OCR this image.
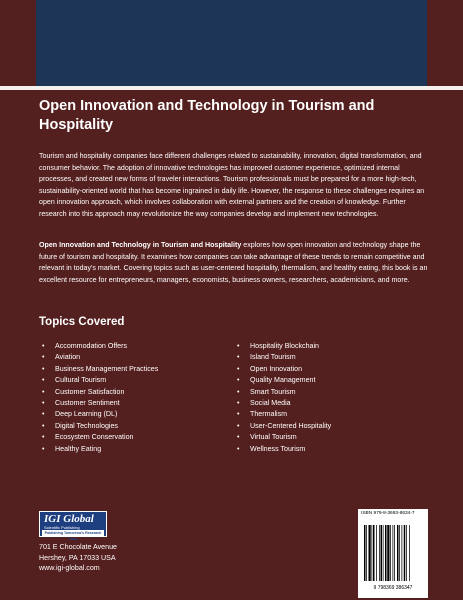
Open Innovation and Technology in Tourism and Hospitality

Tourism and hospitality companies face different challenges related to sustainability, innovation, digital transformation, and consumer behavior. The adoption of innovative technologies has improved customer experience, optimized internal processes, and created new forms of traveler interactions. Tourism professionals must be prepared for a more high-tech, sustainability-oriented world that has become ingrained in daily life. However, the response to these challenges requires an open innovation approach, which involves collaboration with external partners and the creation of knowledge. Further research into this approach may revolutionize the way companies develop and implement new technologies.

Open Innovation and Technology in Tourism and Hospitality explores how open innovation and technology shape the future of tourism and hospitality. It examines how companies can take advantage of these trends to remain competitive and relevant in today's market. Covering topics such as user-centered hospitality, thermalism, and healthy eating, this book is an excellent resource for entrepreneurs, managers, economists, business owners, researchers, academicians, and more.

Topics Covered
• Accommodation Offers
• Aviation
• Business Management Practices
• Cultural Tourism
• Customer Satisfaction
• Customer Sentiment
• Deep Learning (DL)
• Digital Technologies
• Ecosystem Conservation
• Healthy Eating
• Hospitality Blockchain
• Island Tourism
• Open Innovation
• Quality Management
• Smart Tourism
• Social Media
• Thermalism
• User-Centered Hospitality
• Virtual Tourism
• Wellness Tourism
IGI Global
Scientific Publishing
Publishing Tomorrow's Research Today
701 E Chocolate Avenue
Hershey, PA 17033 USA
www.igi-global.com
ISBN 979-8-3693-8634-7
9 798369 386347
